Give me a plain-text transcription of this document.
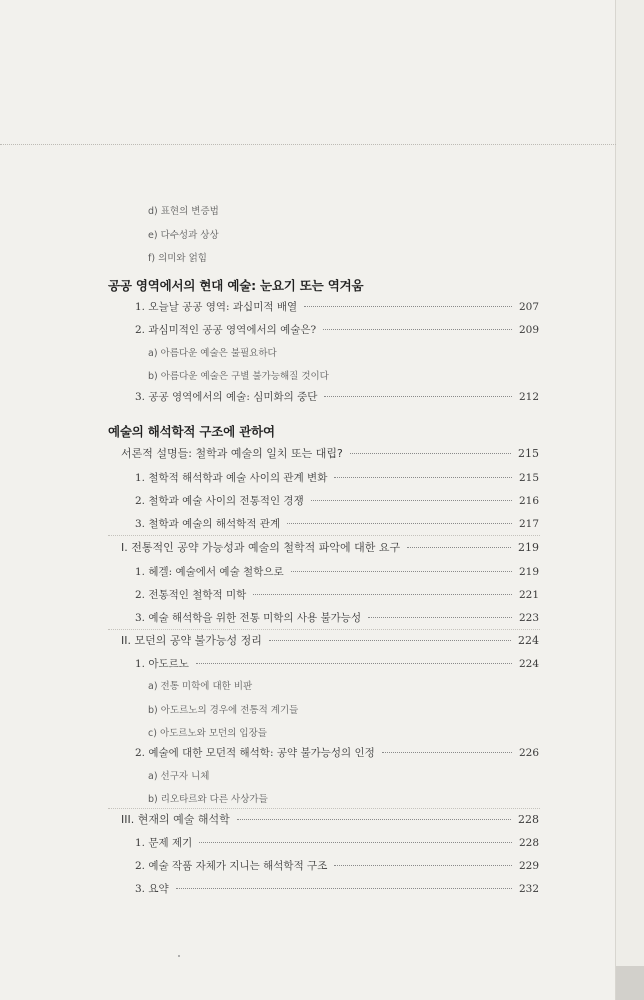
d) 표현의 변증법
e) 다수성과 상상
f) 의미와 얽힘
공공 영역에서의 현대 예술: 눈요기 또는 역겨움
1. 오늘날 공공 영역: 과십미적 배열	207
2. 과심미적인 공공 영역에서의 예술은?	209
a) 아름다운 예술은 불필요하다
b) 아름다운 예술은 구별 불가능해질 것이다
3. 공공 영역에서의 예술: 심미화의 중단	212
예술의 해석학적 구조에 관하여
서론적 설명들: 철학과 예술의 일치 또는 대립?	215
1. 철학적 해석학과 예술 사이의 관계 변화	215
2. 철학과 예술 사이의 전통적인 경쟁	216
3. 철학과 예술의 해석학적 관계	217
I. 전통적인 공약 가능성과 예술의 철학적 파악에 대한 요구	219
1. 헤겔: 예술에서 예술 철학으로	219
2. 전통적인 철학적 미학	221
3. 예술 해석학을 위한 전통 미학의 사용 불가능성	223
II. 모던의 공약 불가능성 정리	224
1. 아도르노	224
a) 전통 미학에 대한 비판
b) 아도르노의 경우에 전통적 계기들
c) 아도르노와 모던의 입장들
2. 예술에 대한 모던적 해석학: 공약 불가능성의 인정	226
a) 선구자 니체
b) 리오타르와 다른 사상가들
III. 현재의 예술 해석학	228
1. 문제 제기	228
2. 예술 작품 자체가 지니는 해석학적 구조	229
3. 요약	232
